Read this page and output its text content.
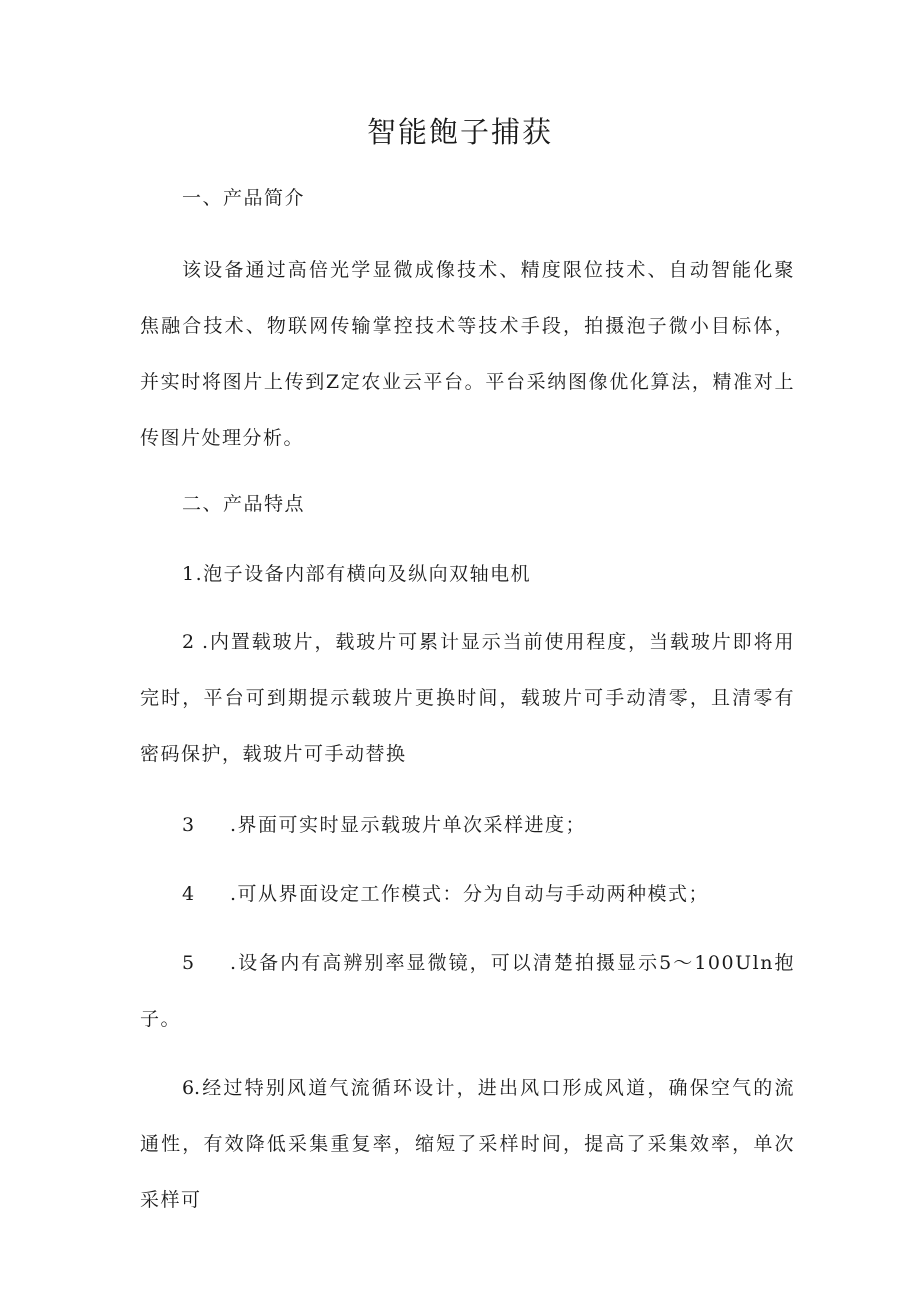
智能飽子捕获
一、产品简介

该设备通过高倍光学显微成像技术、精度限位技术、自动智能化聚焦融合技术、物联网传输掌控技术等技术手段，拍摄泡子微小目标体，并实时将图片上传到Z定农业云平台。平台采纳图像优化算法，精准对上传图片处理分析。

二、产品特点

1.泡子设备内部有横向及纵向双轴电机

2 .内置载玻片，载玻片可累计显示当前使用程度，当载玻片即将用完时，平台可到期提示载玻片更换时间，载玻片可手动清零，且清零有密码保护，载玻片可手动替换

3 .界面可实时显示载玻片单次采样进度；

4 .可从界面设定工作模式：分为自动与手动两种模式；

5 .设备内有高辨别率显微镜，可以清楚拍摄显示5～100Uln抱子。

6.经过特别风道气流循环设计，进出风口形成风道，确保空气的流通性，有效降低采集重复率，缩短了采样时间，提高了采集效率，单次采样可
